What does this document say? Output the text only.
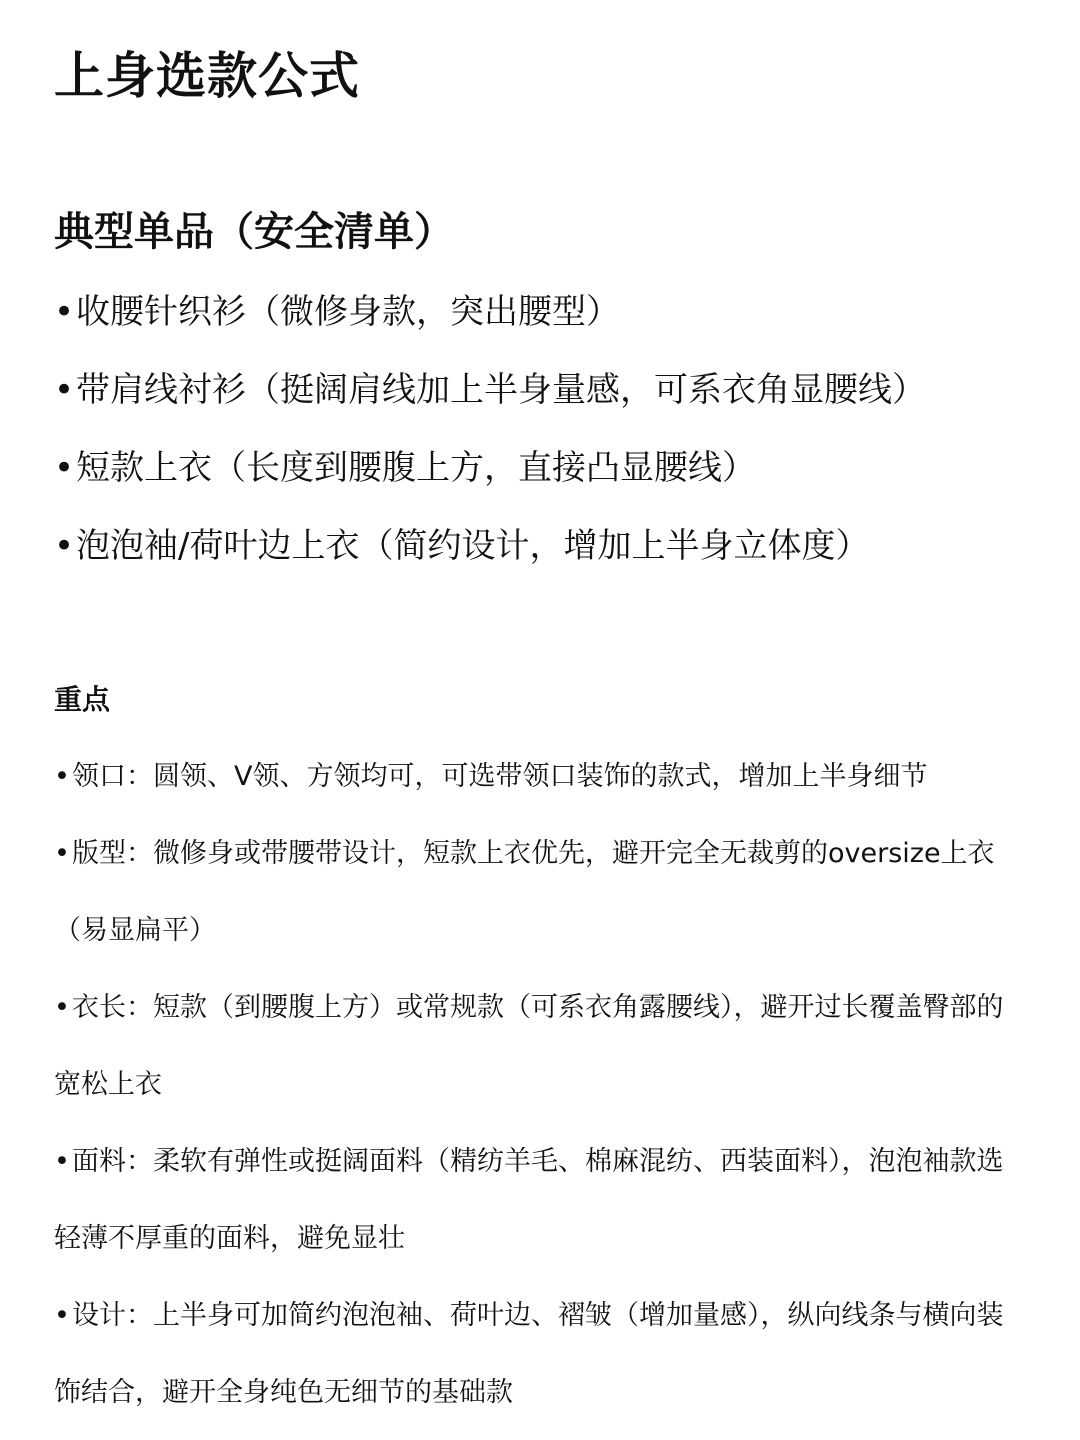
上身选款公式
典型单品（安全清单）
•收腰针织衫（微修身款，突出腰型）
•带肩线衬衫（挺阔肩线加上半身量感，可系衣角显腰线）
•短款上衣（长度到腰腹上方，直接凸显腰线）
•泡泡袖/荷叶边上衣（简约设计，增加上半身立体度）
重点
•领口：圆领、V领、方领均可，可选带领口装饰的款式，增加上半身细节
•版型：微修身或带腰带设计，短款上衣优先，避开完全无裁剪的oversize上衣（易显扁平）
•衣长：短款（到腰腹上方）或常规款（可系衣角露腰线），避开过长覆盖臀部的宽松上衣
•面料：柔软有弹性或挺阔面料（精纺羊毛、棉麻混纺、西装面料），泡泡袖款选轻薄不厚重的面料，避免显壮
•设计：上半身可加简约泡泡袖、荷叶边、褶皱（增加量感），纵向线条与横向装饰结合，避开全身纯色无细节的基础款
